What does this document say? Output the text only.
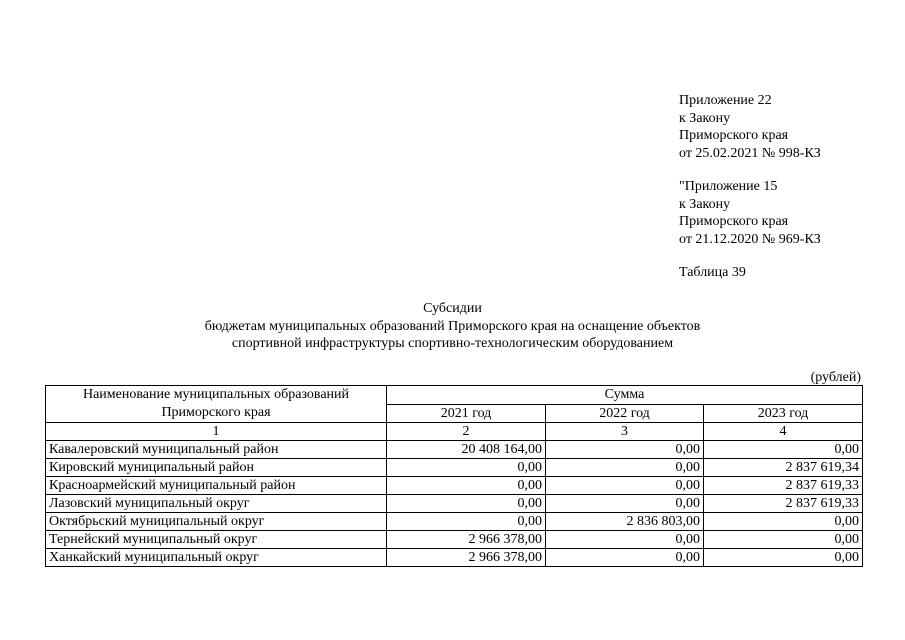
Приложение 22
к Закону
Приморского края
от 25.02.2021 № 998-КЗ
"Приложение 15
к Закону
Приморского края
от 21.12.2020 № 969-КЗ
Таблица 39
Субсидии
бюджетам муниципальных образований Приморского края на оснащение объектов
спортивной инфраструктуры спортивно-технологическим оборудованием
(рублей)
Наименование муниципальных образований
Приморского края	Сумма		
	2021 год	2022 год	2023 год
1	2	3	4
Кавалеровский муниципальный район	20 408 164,00	0,00	0,00
Кировский муниципальный район	0,00	0,00	2 837 619,34
Красноармейский муниципальный район	0,00	0,00	2 837 619,33
Лазовский муниципальный округ	0,00	0,00	2 837 619,33
Октябрьский муниципальный округ	0,00	2 836 803,00	0,00
Тернейский муниципальный округ	2 966 378,00	0,00	0,00
Ханкайский муниципальный округ	2 966 378,00	0,00	0,00
